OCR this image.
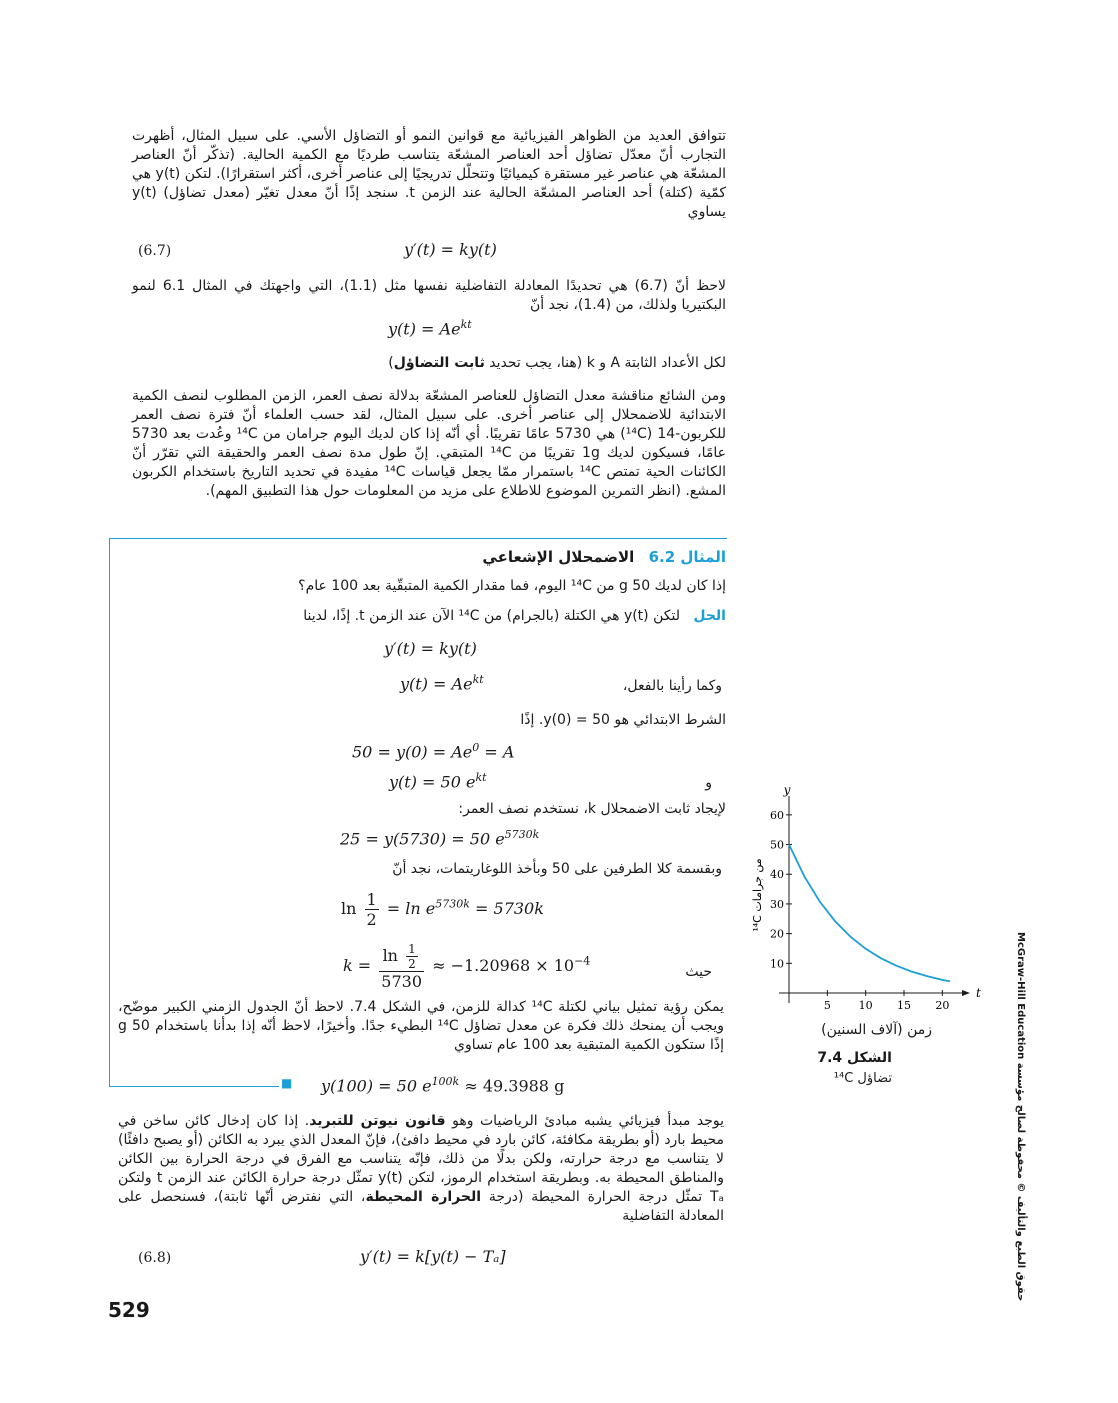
تتوافق العديد من الظواهر الفيزيائية مع قوانين النمو أو التضاؤل الأسي. على سبيل المثال، أظهرت التجارب أنّ معدّل تضاؤل أحد العناصر المشعّة يتناسب طرديًا مع الكمية الحالية. (تذكّر أنّ العناصر المشعّة هي عناصر غير مستقرة كيميائيًا وتتحلّل تدريجيًا إلى عناصر أخرى، أكثر استقرارًا). لتكن y(t) هي كمّية (كتلة) أحد العناصر المشعّة الحالية عند الزمن t. سنجد إذًا أنّ معدل تغيّر (معدل تضاؤل) y(t) يساوي

y′(t) = ky(t)
(6.7)

لاحظ أنّ (6.7) هي تحديدًا المعادلة التفاضلية نفسها مثل (1.1)، التي واجهتك في المثال 6.1 لنمو البكتيريا ولذلك، من (1.4)، نجد أنّ

$y(t) = Ae^{kt}$
لكل الأعداد الثابتة A و k (هنا، يجب تحديد ثابت التضاؤل)

ومن الشائع مناقشة معدل التضاؤل للعناصر المشعّة بدلالة نصف العمر، الزمن المطلوب لنصف الكمية الابتدائية للاضمحلال إلى عناصر أخرى. على سبيل المثال، لقد حسب العلماء أنّ فترة نصف العمر للكربون-14 (¹⁴C) هي 5730 عامًا تقريبًا. أي أنّه إذا كان لديك اليوم جرامان من ¹⁴C وعُدت بعد 5730 عامًا، فسيكون لديك 1g تقريبًا من ¹⁴C المتبقي. إنّ طول مدة نصف العمر والحقيقة التي تقرّر أنّ الكائنات الحية تمتص ¹⁴C باستمرار ممّا يجعل قياسات ¹⁴C مفيدة في تحديد التاريخ باستخدام الكربون المشع. (انظر التمرين الموضوع للاطلاع على مزيد من المعلومات حول هذا التطبيق المهم).

المثال 6.2   الاضمحلال الإشعاعي
إذا كان لديك 50 g من ¹⁴C اليوم، فما مقدار الكمية المتبقّية بعد 100 عام؟
الحل   لتكن y(t) هي الكتلة (بالجرام) من ¹⁴C الآن عند الزمن t. إذًا، لدينا
y′(t) = ky(t)
$y(t) = Ae^{kt}$	وكما رأينا بالفعل،
الشرط الابتدائي هو 50 = y(0). إذًا
$50 = y(0) = Ae^0 = A$
y(t) = 50 $e^{kt}$	و
لإيجاد ثابت الاضمحلال k، نستخدم نصف العمر:
25 = y(5730) = 50 $e^{5730k}$
وبقسمة كلا الطرفين على 50 وبأخذ اللوغاريتمات، نجد أنّ
$\ln \frac{1}{2} = \ln e^{5730k} = 5730k$
$k = \frac{\ln \frac{1}{2}}{5730} \approx -1.20968 \times 10^{-4}$
حيث

يمكن رؤية تمثيل بياني لكتلة ¹⁴C كدالة للزمن، في الشكل 7.4. لاحظ أنّ الجدول الزمني الكبير موضّح، ويجب أن يمنحك ذلك فكرة عن معدل تضاؤل ¹⁴C البطيء جدًا. وأخيرًا، لاحظ أنّه إذا بدأنا باستخدام 50 g إذًا ستكون الكمية المتبقية بعد 100 عام تساوي

y(100) = 50 $e^{100k} \approx 49.3988$ g
■

يوجد مبدأ فيزيائي يشبه مبادئ الرياضيات وهو قانون نيوتن للتبريد. إذا كان إدخال كائن ساخن في محيط بارد (أو بطريقة مكافئة، كائن بارد في محيط دافئ)، فإنّ المعدل الذي يبرد به الكائن (أو يصبح دافئًا) لا يتناسب مع درجة حرارته، ولكن بدلًا من ذلك، فإنّه يتناسب مع الفرق في درجة الحرارة بين الكائن والمناطق المحيطة به. وبطريقة استخدام الرموز، لتكن y(t) تمثّل درجة حرارة الكائن عند الزمن t ولتكن Tₐ تمثّل درجة الحرارة المحيطة (درجة الحرارة المحيطة، التي نفترض أنّها ثابتة)، فسنحصل على المعادلة التفاضلية

y′(t) = k[y(t) − Tₐ]
(6.8)
529
حقوق الطبع والتأليف © محفوظة لصالح مؤسسة McGraw-Hill Education
y
t
5	10 15 20
10
20
30
40
50
60
¹⁴C من جرامات
زمن (آلاف السنين)
الشكل 7.4
تضاؤل ¹⁴C
